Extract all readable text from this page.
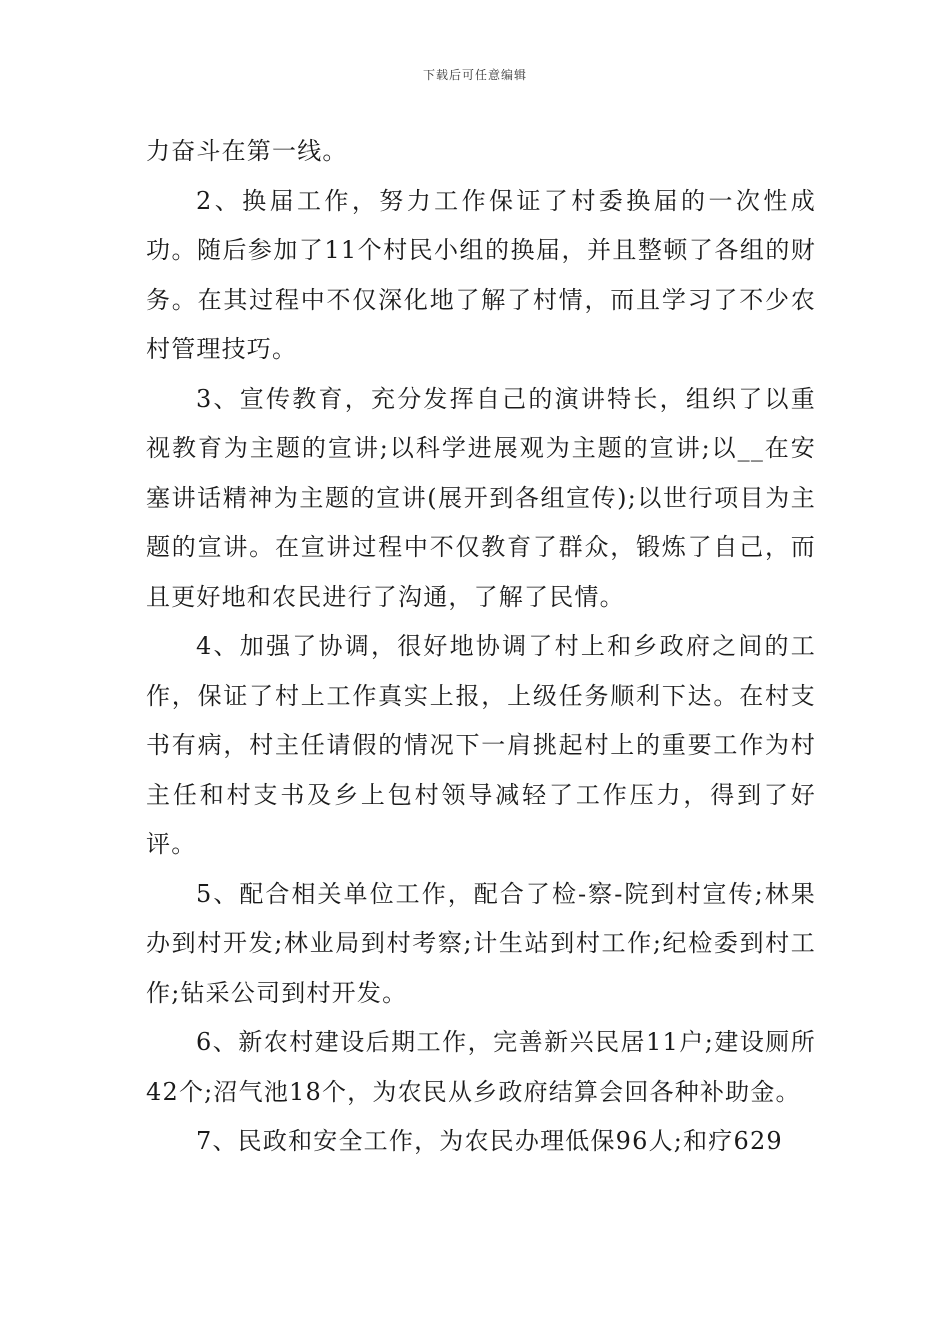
下载后可任意编辑

力奋斗在第一线。

2、换届工作，努力工作保证了村委换届的一次性成功。随后参加了11个村民小组的换届，并且整顿了各组的财务。在其过程中不仅深化地了解了村情，而且学习了不少农村管理技巧。

3、宣传教育，充分发挥自己的演讲特长，组织了以重视教育为主题的宣讲;以科学进展观为主题的宣讲;以__在安塞讲话精神为主题的宣讲(展开到各组宣传);以世行项目为主题的宣讲。在宣讲过程中不仅教育了群众，锻炼了自己，而且更好地和农民进行了沟通，了解了民情。

4、加强了协调，很好地协调了村上和乡政府之间的工作，保证了村上工作真实上报，上级任务顺利下达。在村支书有病，村主任请假的情况下一肩挑起村上的重要工作为村主任和村支书及乡上包村领导减轻了工作压力，得到了好评。

5、配合相关单位工作，配合了检-察-院到村宣传;林果办到村开发;林业局到村考察;计生站到村工作;纪检委到村工作;钻采公司到村开发。

6、新农村建设后期工作，完善新兴民居11户;建设厕所42个;沼气池18个，为农民从乡政府结算会回各种补助金。

7、民政和安全工作，为农民办理低保96人;和疗629
